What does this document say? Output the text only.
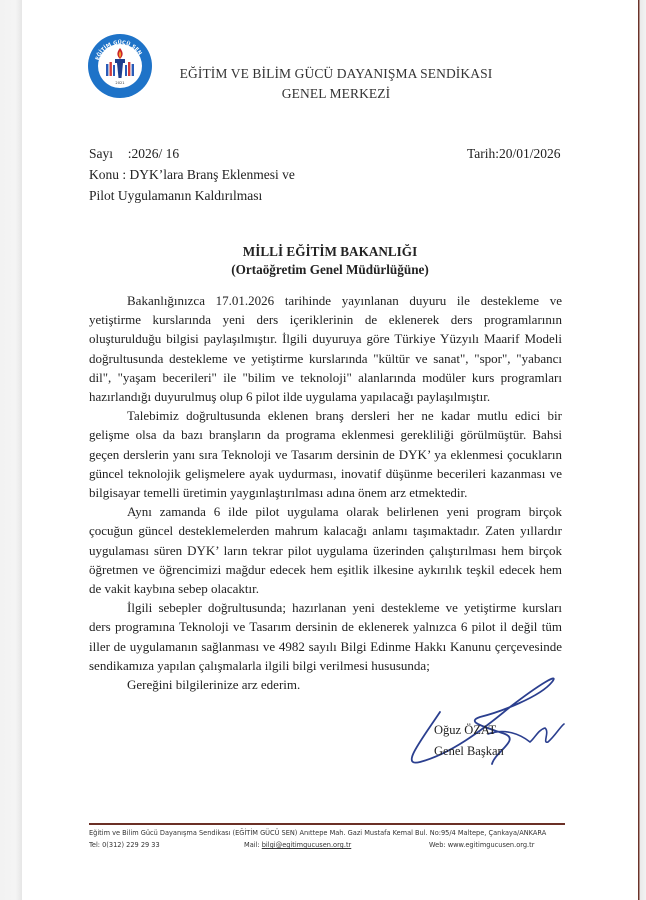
EĞİTİM GÜCÜ SEN
2021
EĞİTİM VE BİLİM GÜCÜ DAYANIŞMA SENDİKASI
GENEL MERKEZİ
Sayı :2026/ 16
Konu : DYK’lara Branş Eklenmesi ve
Pilot Uygulamanın Kaldırılması
Tarih:20/01/2026
MİLLİ EĞİTİM BAKANLIĞI
(Ortaöğretim Genel Müdürlüğüne)

Bakanlığınızca 17.01.2026 tarihinde yayınlanan duyuru ile destekleme ve yetiştirme kurslarında yeni ders içeriklerinin de eklenerek ders programlarının oluşturulduğu bilgisi paylaşılmıştır. İlgili duyuruya göre Türkiye Yüzyılı Maarif Modeli doğrultusunda destekleme ve yetiştirme kurslarında "kültür ve sanat", "spor", "yabancı dil", "yaşam becerileri" ile "bilim ve teknoloji" alanlarında modüler kurs programları hazırlandığı duyurulmuş olup 6 pilot ilde uygulama yapılacağı paylaşılmıştır.

Talebimiz doğrultusunda eklenen branş dersleri her ne kadar mutlu edici bir gelişme olsa da bazı branşların da programa eklenmesi gerekliliği görülmüştür. Bahsi geçen derslerin yanı sıra Teknoloji ve Tasarım dersinin de DYK’ ya eklenmesi çocukların güncel teknolojik gelişmelere ayak uydurması, inovatif düşünme becerileri kazanması ve bilgisayar temelli üretimin yaygınlaştırılması adına önem arz etmektedir.

Aynı zamanda 6 ilde pilot uygulama olarak belirlenen yeni program birçok çocuğun güncel desteklemelerden mahrum kalacağı anlamı taşımaktadır. Zaten yıllardır uygulaması süren DYK’ ların tekrar pilot uygulama üzerinden çalıştırılması hem birçok öğretmen ve öğrencimizi mağdur edecek hem eşitlik ilkesine aykırılık teşkil edecek hem de vakit kaybına sebep olacaktır.

İlgili sebepler doğrultusunda; hazırlanan yeni destekleme ve yetiştirme kursları ders programına Teknoloji ve Tasarım dersinin de eklenerek yalnızca 6 pilot il değil tüm iller de uygulamanın sağlanması ve 4982 sayılı Bilgi Edinme Hakkı Kanunu çerçevesinde sendikamıza yapılan çalışmalarla ilgili bilgi verilmesi hususunda;

Gereğini bilgilerinize arz ederim.

Oğuz ÖZAT
Genel Başkan
Eğitim ve Bilim Gücü Dayanışma Sendikası (EĞİTİM GÜCÜ SEN) Anıttepe Mah. Gazi Mustafa Kemal Bul. No:95/4 Maltepe, Çankaya/ANKARA
Tel: 0(312) 229 29 33	Mail: bilgi@egitimgucusen.org.tr	Web: www.egitimgucusen.org.tr
